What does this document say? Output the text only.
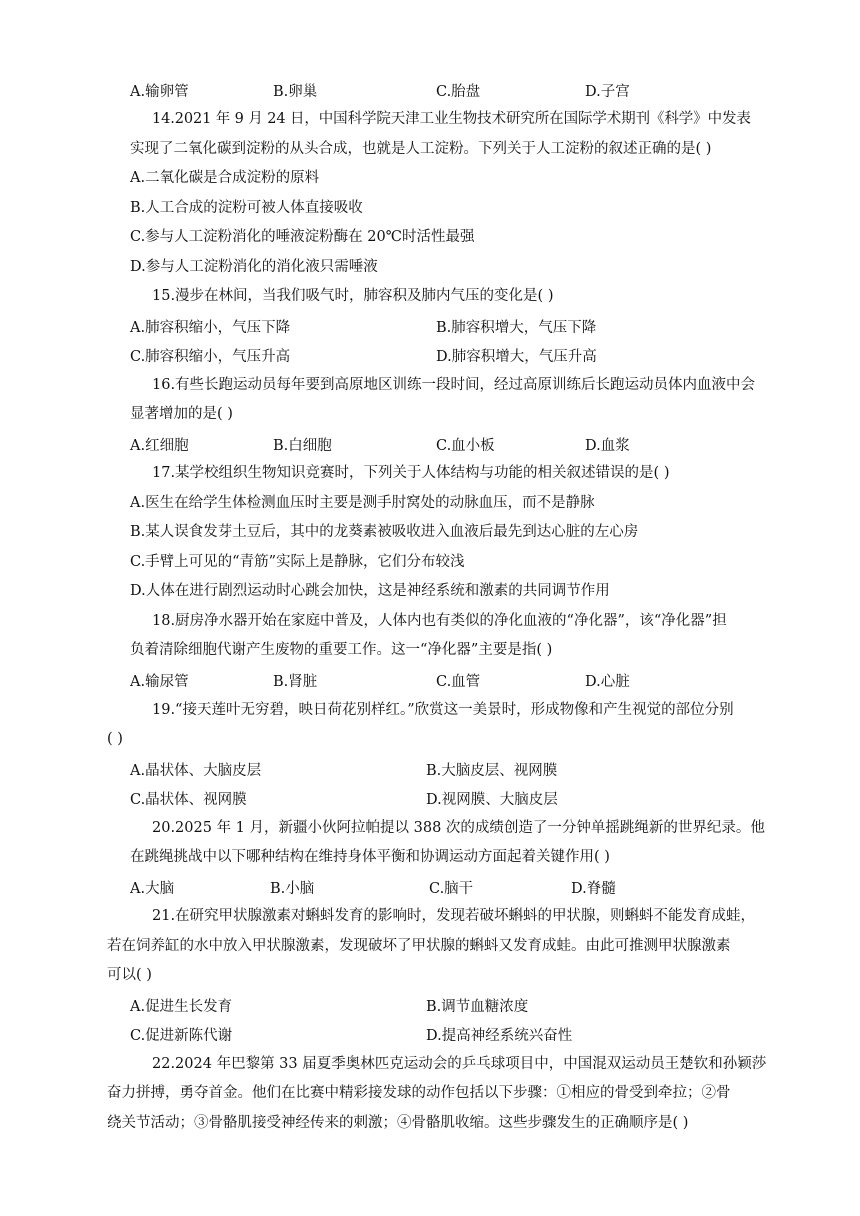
A.输卵管	B.卵巢	C.胎盘	D.子宫
14.2021 年 9 月 24 日，中国科学院天津工业生物技术研究所在国际学术期刊《科学》中发表
实现了二氧化碳到淀粉的从头合成，也就是人工淀粉。下列关于人工淀粉的叙述正确的是( )
A.二氧化碳是合成淀粉的原料
B.人工合成的淀粉可被人体直接吸收
C.参与人工淀粉消化的唾液淀粉酶在 20℃时活性最强
D.参与人工淀粉消化的消化液只需唾液
15.漫步在林间，当我们吸气时，肺容积及肺内气压的变化是( )
A.肺容积缩小，气压下降	B.肺容积增大，气压下降
C.肺容积缩小，气压升高	D.肺容积增大，气压升高
16.有些长跑运动员每年要到高原地区训练一段时间，经过高原训练后长跑运动员体内血液中会
显著增加的是( )
A.红细胞	B.白细胞	C.血小板	D.血浆
17.某学校组织生物知识竞赛时，下列关于人体结构与功能的相关叙述错误的是( )
A.医生在给学生体检测血压时主要是测手肘窝处的动脉血压，而不是静脉
B.某人误食发芽土豆后，其中的龙葵素被吸收进入血液后最先到达心脏的左心房
C.手臂上可见的“青筋”实际上是静脉，它们分布较浅
D.人体在进行剧烈运动时心跳会加快，这是神经系统和激素的共同调节作用
18.厨房净水器开始在家庭中普及，人体内也有类似的净化血液的“净化器”，该“净化器”担
负着清除细胞代谢产生废物的重要工作。这一“净化器”主要是指( )
A.输尿管	B.肾脏	C.血管	D.心脏
19.“接天莲叶无穷碧，映日荷花别样红。”欣赏这一美景时，形成物像和产生视觉的部位分别
( )
A.晶状体、大脑皮层	B.大脑皮层、视网膜
C.晶状体、视网膜	D.视网膜、大脑皮层
20.2025 年 1 月，新疆小伙阿拉帕提以 388 次的成绩创造了一分钟单摇跳绳新的世界纪录。他
在跳绳挑战中以下哪种结构在维持身体平衡和协调运动方面起着关键作用( )
A.大脑	B.小脑	C.脑干	D.脊髓
21.在研究甲状腺激素对蝌蚪发育的影响时，发现若破坏蝌蚪的甲状腺，则蝌蚪不能发育成蛙，
若在饲养缸的水中放入甲状腺激素，发现破坏了甲状腺的蝌蚪又发育成蛙。由此可推测甲状腺激素
可以( )
A.促进生长发育	B.调节血糖浓度
C.促进新陈代谢	D.提高神经系统兴奋性
22.2024 年巴黎第 33 届夏季奥林匹克运动会的乒乓球项目中，中国混双运动员王楚钦和孙颖莎
奋力拼搏，勇夺首金。他们在比赛中精彩接发球的动作包括以下步骤：①相应的骨受到牵拉；②骨
绕关节活动；③骨骼肌接受神经传来的刺激；④骨骼肌收缩。这些步骤发生的正确顺序是( )
